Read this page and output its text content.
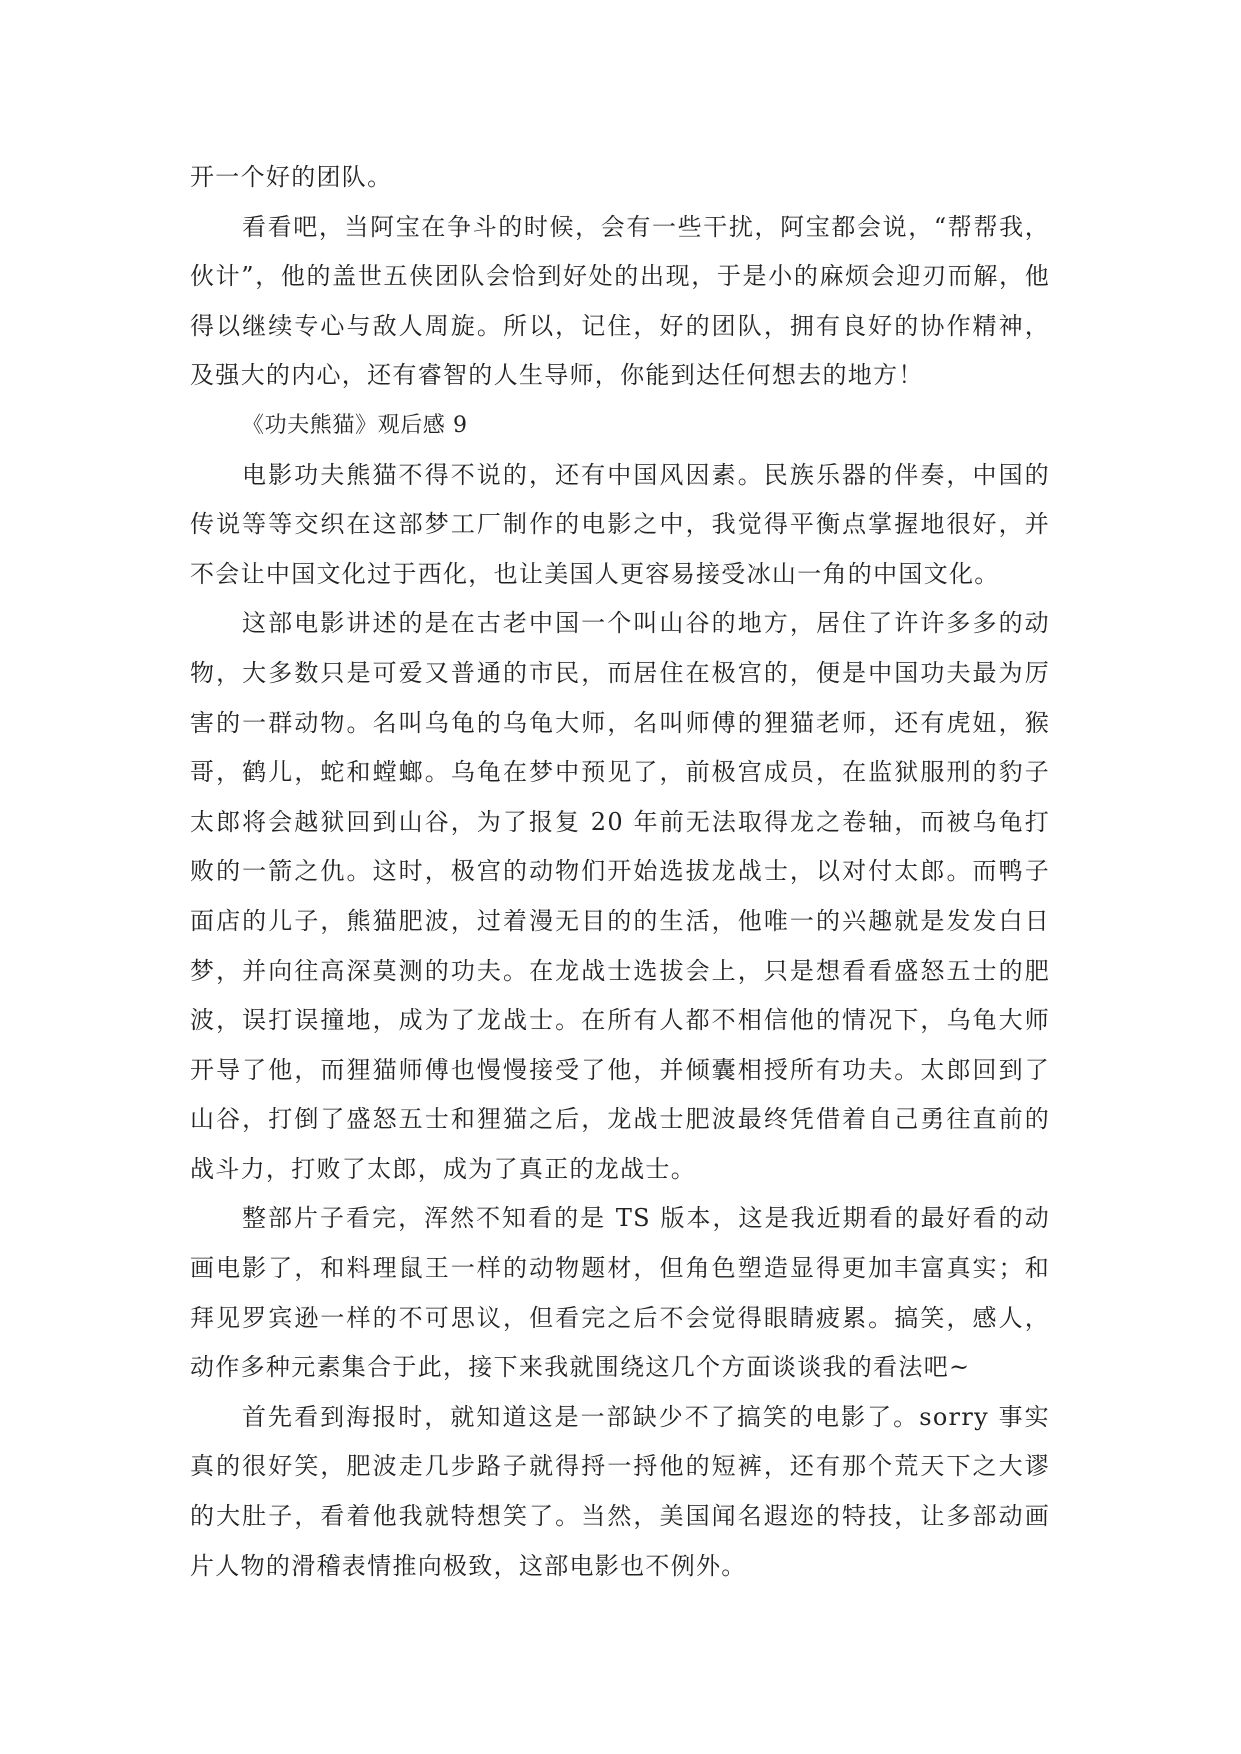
开一个好的团队。

看看吧，当阿宝在争斗的时候，会有一些干扰，阿宝都会说，“帮帮我，伙计”，他的盖世五侠团队会恰到好处的出现，于是小的麻烦会迎刃而解，他得以继续专心与敌人周旋。所以，记住，好的团队，拥有良好的协作精神，及强大的内心，还有睿智的人生导师，你能到达任何想去的地方！

《功夫熊猫》观后感 9

电影功夫熊猫不得不说的，还有中国风因素。民族乐器的伴奏，中国的传说等等交织在这部梦工厂制作的电影之中，我觉得平衡点掌握地很好，并不会让中国文化过于西化，也让美国人更容易接受冰山一角的中国文化。

这部电影讲述的是在古老中国一个叫山谷的地方，居住了许许多多的动物，大多数只是可爱又普通的市民，而居住在极宫的，便是中国功夫最为厉害的一群动物。名叫乌龟的乌龟大师，名叫师傅的狸猫老师，还有虎妞，猴哥，鹤儿，蛇和螳螂。乌龟在梦中预见了，前极宫成员，在监狱服刑的豹子太郎将会越狱回到山谷，为了报复 20 年前无法取得龙之卷轴，而被乌龟打败的一箭之仇。这时，极宫的动物们开始选拔龙战士，以对付太郎。而鸭子面店的儿子，熊猫肥波，过着漫无目的的生活，他唯一的兴趣就是发发白日梦，并向往高深莫测的功夫。在龙战士选拔会上，只是想看看盛怒五士的肥波，误打误撞地，成为了龙战士。在所有人都不相信他的情况下，乌龟大师开导了他，而狸猫师傅也慢慢接受了他，并倾囊相授所有功夫。太郎回到了山谷，打倒了盛怒五士和狸猫之后，龙战士肥波最终凭借着自己勇往直前的战斗力，打败了太郎，成为了真正的龙战士。

整部片子看完，浑然不知看的是 TS 版本，这是我近期看的最好看的动画电影了，和料理鼠王一样的动物题材，但角色塑造显得更加丰富真实；和拜见罗宾逊一样的不可思议，但看完之后不会觉得眼睛疲累。搞笑，感人，动作多种元素集合于此，接下来我就围绕这几个方面谈谈我的看法吧~

首先看到海报时，就知道这是一部缺少不了搞笑的电影了。sorry 事实真的很好笑，肥波走几步路子就得捋一捋他的短裤，还有那个荒天下之大谬的大肚子，看着他我就特想笑了。当然，美国闻名遐迩的特技，让多部动画片人物的滑稽表情推向极致，这部电影也不例外。
